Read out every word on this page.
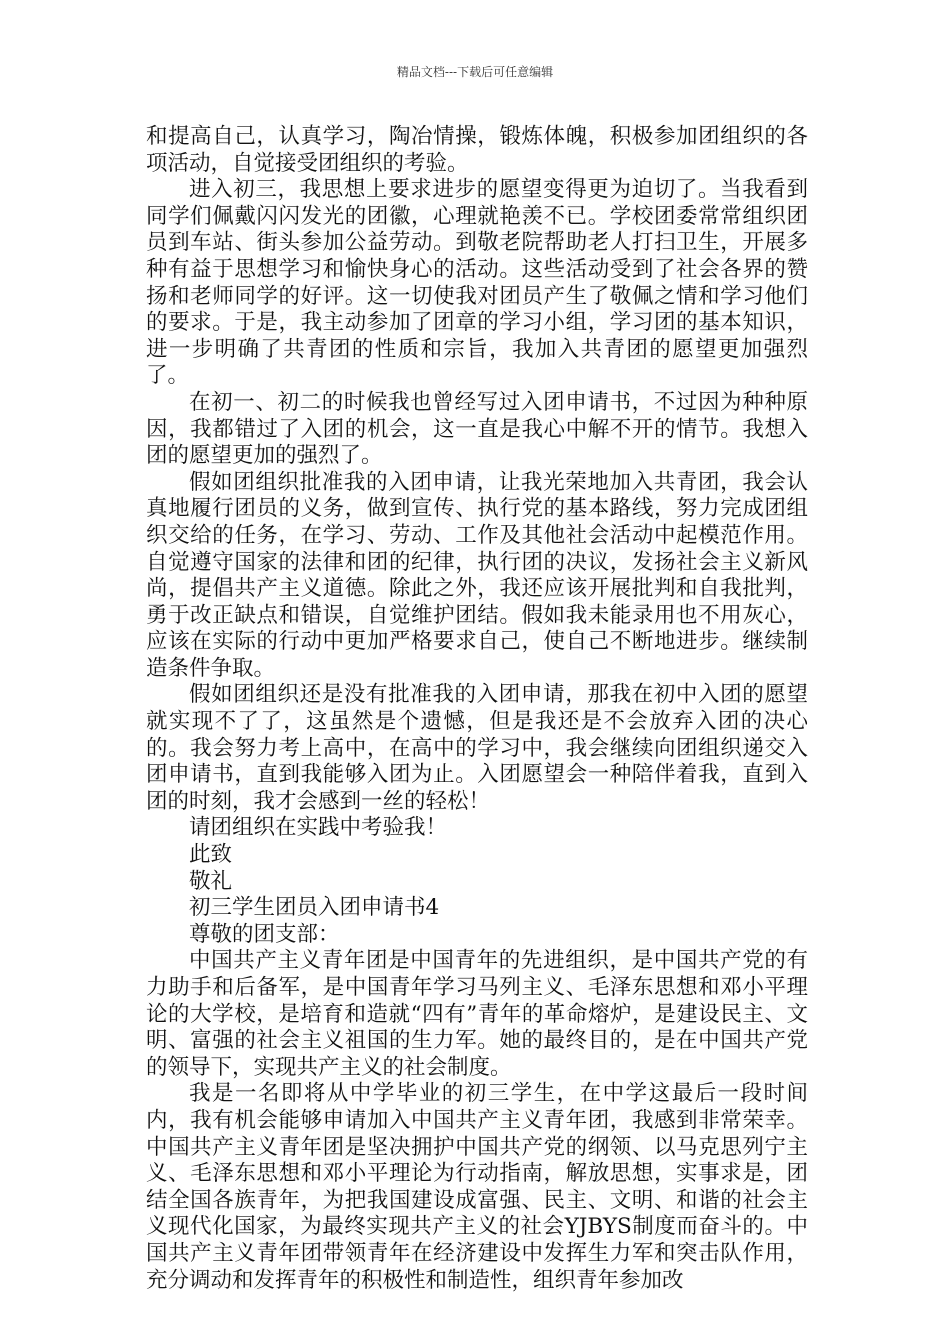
精品文档---下载后可任意编辑

和提高自己，认真学习，陶冶情操，锻炼体魄，积极参加团组织的各项活动，自觉接受团组织的考验。

进入初三，我思想上要求进步的愿望变得更为迫切了。当我看到同学们佩戴闪闪发光的团徽，心理就艳羡不已。学校团委常常组织团员到车站、街头参加公益劳动。到敬老院帮助老人打扫卫生，开展多种有益于思想学习和愉快身心的活动。这些活动受到了社会各界的赞扬和老师同学的好评。这一切使我对团员产生了敬佩之情和学习他们的要求。于是，我主动参加了团章的学习小组，学习团的基本知识，进一步明确了共青团的性质和宗旨，我加入共青团的愿望更加强烈了。

在初一、初二的时候我也曾经写过入团申请书，不过因为种种原因，我都错过了入团的机会，这一直是我心中解不开的情节。我想入团的愿望更加的强烈了。

假如团组织批准我的入团申请，让我光荣地加入共青团，我会认真地履行团员的义务，做到宣传、执行党的基本路线，努力完成团组织交给的任务，在学习、劳动、工作及其他社会活动中起模范作用。自觉遵守国家的法律和团的纪律，执行团的决议，发扬社会主义新风尚，提倡共产主义道德。除此之外，我还应该开展批判和自我批判，勇于改正缺点和错误，自觉维护团结。假如我未能录用也不用灰心，应该在实际的行动中更加严格要求自己，使自己不断地进步。继续制造条件争取。

假如团组织还是没有批准我的入团申请，那我在初中入团的愿望就实现不了了，这虽然是个遗憾，但是我还是不会放弃入团的决心的。我会努力考上高中，在高中的学习中，我会继续向团组织递交入团申请书，直到我能够入团为止。入团愿望会一种陪伴着我，直到入团的时刻，我才会感到一丝的轻松！

请团组织在实践中考验我！

此致

敬礼

初三学生团员入团申请书4

尊敬的团支部：

中国共产主义青年团是中国青年的先进组织，是中国共产党的有力助手和后备军，是中国青年学习马列主义、毛泽东思想和邓小平理论的大学校，是培育和造就“四有”青年的革命熔炉，是建设民主、文明、富强的社会主义祖国的生力军。她的最终目的，是在中国共产党的领导下，实现共产主义的社会制度。

我是一名即将从中学毕业的初三学生，在中学这最后一段时间内，我有机会能够申请加入中国共产主义青年团，我感到非常荣幸。中国共产主义青年团是坚决拥护中国共产党的纲领、以马克思列宁主义、毛泽东思想和邓小平理论为行动指南，解放思想，实事求是，团结全国各族青年，为把我国建设成富强、民主、文明、和谐的社会主义现代化国家，为最终实现共产主义的社会YJBYS制度而奋斗的。中国共产主义青年团带领青年在经济建设中发挥生力军和突击队作用，充分调动和发挥青年的积极性和制造性，组织青年参加改
